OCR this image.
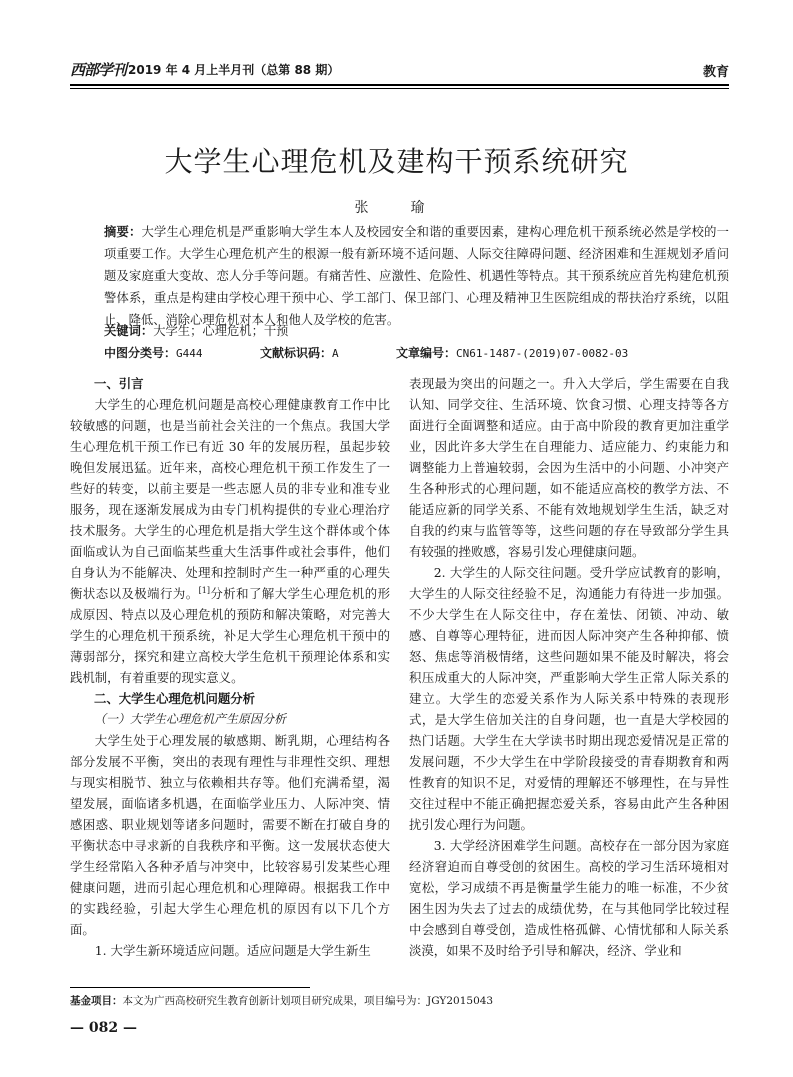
西部学刊 2019 年 4 月上半月刊（总第 88 期）	教育
大学生心理危机及建构干预系统研究
张　瑜
摘要：大学生心理危机是严重影响大学生本人及校园安全和谐的重要因素，建构心理危机干预系统必然是学校的一项重要工作。大学生心理危机产生的根源一般有新环境不适问题、人际交往障碍问题、经济困难和生涯规划矛盾问题及家庭重大变故、恋人分手等问题。有痛苦性、应激性、危险性、机遇性等特点。其干预系统应首先构建危机预警体系，重点是构建由学校心理干预中心、学工部门、保卫部门、心理及精神卫生医院组成的帮扶治疗系统，以阻止、降低、消除心理危机对本人和他人及学校的危害。
关键词：大学生；心理危机；干预
中图分类号：G444	文献标识码：A	文章编号：CN61-1487-(2019)07-0082-03
一、引言

大学生的心理危机问题是高校心理健康教育工作中比较敏感的问题，也是当前社会关注的一个焦点。我国大学生心理危机干预工作已有近 30 年的发展历程，虽起步较晚但发展迅猛。近年来，高校心理危机干预工作发生了一些好的转变，以前主要是一些志愿人员的非专业和准专业服务，现在逐渐发展成为由专门机构提供的专业心理治疗技术服务。大学生的心理危机是指大学生这个群体或个体面临或认为自己面临某些重大生活事件或社会事件，他们自身认为不能解决、处理和控制时产生一种严重的心理失衡状态以及极端行为。[1]分析和了解大学生心理危机的形成原因、特点以及心理危机的预防和解决策略，对完善大学生的心理危机干预系统，补足大学生心理危机干预中的薄弱部分，探究和建立高校大学生危机干预理论体系和实践机制，有着重要的现实意义。

二、大学生心理危机问题分析
（一）大学生心理危机产生原因分析

大学生处于心理发展的敏感期、断乳期，心理结构各部分发展不平衡，突出的表现有理性与非理性交织、理想与现实相脱节、独立与依赖相共存等。他们充满希望，渴望发展，面临诸多机遇，在面临学业压力、人际冲突、情感困惑、职业规划等诸多问题时，需要不断在打破自身的平衡状态中寻求新的自我秩序和平衡。这一发展状态使大学生经常陷入各种矛盾与冲突中，比较容易引发某些心理健康问题，进而引起心理危机和心理障碍。根据我工作中的实践经验，引起大学生心理危机的原因有以下几个方面。

1. 大学生新环境适应问题。适应问题是大学生新生

表现最为突出的问题之一。升入大学后，学生需要在自我认知、同学交往、生活环境、饮食习惯、心理支持等各方面进行全面调整和适应。由于高中阶段的教育更加注重学业，因此许多大学生在自理能力、适应能力、约束能力和调整能力上普遍较弱，会因为生活中的小问题、小冲突产生各种形式的心理问题，如不能适应高校的教学方法、不能适应新的同学关系、不能有效地规划学生生活，缺乏对自我的约束与监管等等，这些问题的存在导致部分学生具有较强的挫败感，容易引发心理健康问题。

2. 大学生的人际交往问题。受升学应试教育的影响，大学生的人际交往经验不足，沟通能力有待进一步加强。不少大学生在人际交往中，存在羞怯、闭锁、冲动、敏感、自尊等心理特征，进而因人际冲突产生各种抑郁、愤怒、焦虑等消极情绪，这些问题如果不能及时解决，将会积压成重大的人际冲突，严重影响大学生正常人际关系的建立。大学生的恋爱关系作为人际关系中特殊的表现形式，是大学生倍加关注的自身问题，也一直是大学校园的热门话题。大学生在大学读书时期出现恋爱情况是正常的发展问题，不少大学生在中学阶段接受的青春期教育和两性教育的知识不足，对爱情的理解还不够理性，在与异性交往过程中不能正确把握恋爱关系，容易由此产生各种困扰引发心理行为问题。

3. 大学经济困难学生问题。高校存在一部分因为家庭经济窘迫而自尊受创的贫困生。高校的学习生活环境相对宽松，学习成绩不再是衡量学生能力的唯一标准，不少贫困生因为失去了过去的成绩优势，在与其他同学比较过程中会感到自尊受创，造成性格孤僻、心情忧郁和人际关系淡漠，如果不及时给予引导和解决，经济、学业和

基金项目：本文为广西高校研究生教育创新计划项目研究成果，项目编号为：JGY2015043
— 082 —
